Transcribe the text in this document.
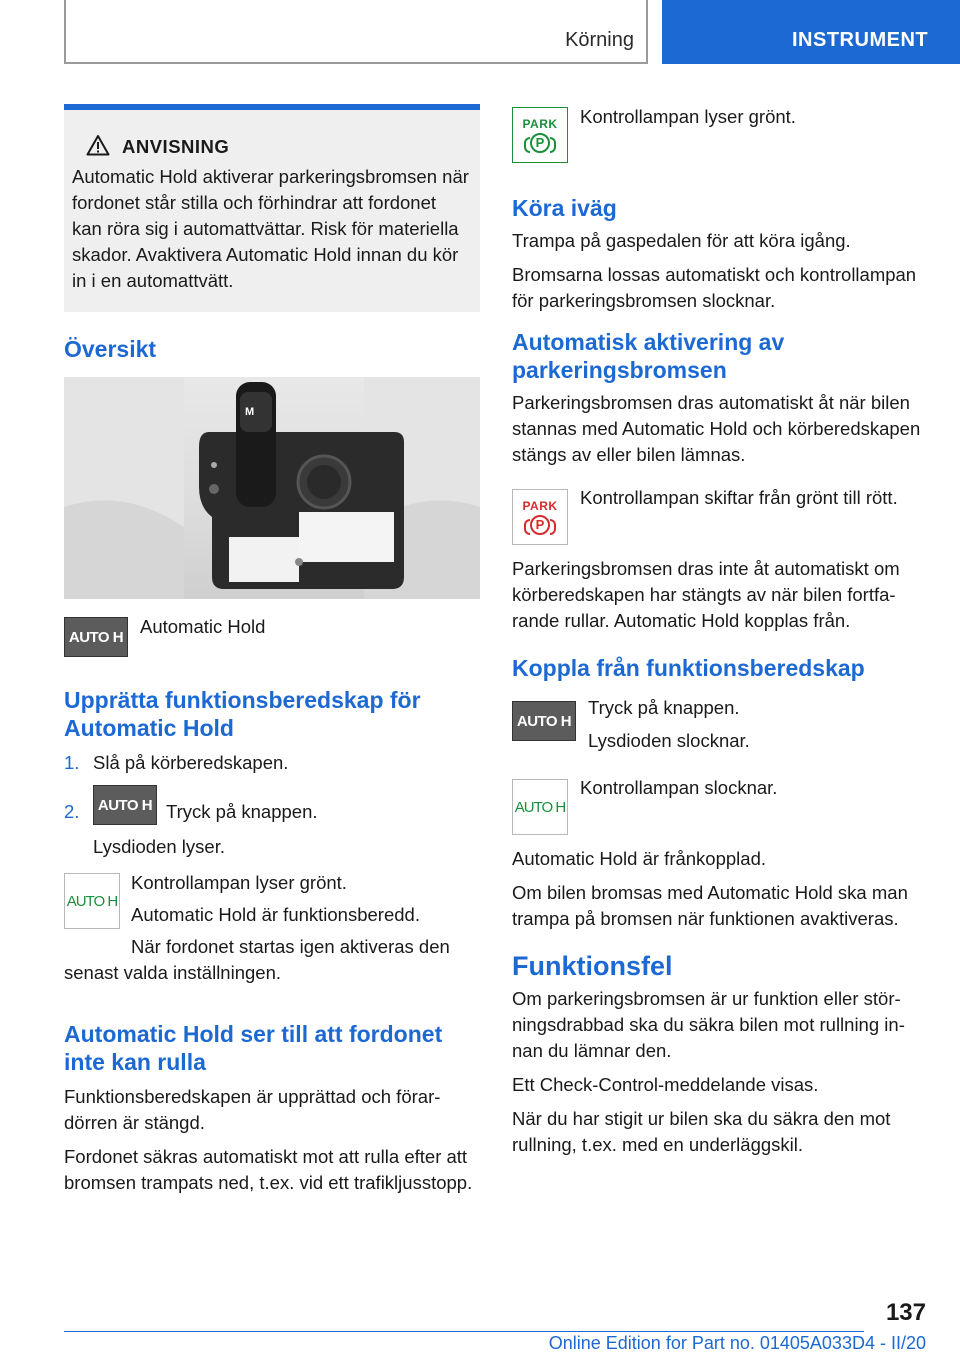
Körning	INSTRUMENT
ANVISNING
Automatic Hold aktiverar parkeringsbromsen när fordonet står stilla och förhindrar att fordonet kan röra sig i automattvättar. Risk för materiella skador. Avaktivera Automatic Hold innan du kör in i en automattvätt.
Översikt
M
AUTO H Automatic Hold
Upprätta funktionsberedskap för Automatic Hold
1. Slå på körberedskapen.
2.	AUTO H Tryck på knappen.
Lysdioden lyser.
AUTO H
Kontrollampan lyser grönt.
Automatic Hold är funktionsberedd.
När fordonet startas igen aktiveras den senast valda inställningen.
Automatic Hold ser till att fordonet inte kan rulla

Funktionsberedskapen är upprättad och förardörren är stängd.

Fordonet säkras automatiskt mot att rulla efter att bromsen trampats ned, t.ex. vid ett trafikljusstopp.

PARK
P
Kontrollampan lyser grönt.
Köra iväg

Trampa på gaspedalen för att köra igång.

Bromsarna lossas automatiskt och kontrollampan för parkeringsbromsen slocknar.

Automatisk aktivering av parkeringsbromsen

Parkeringsbromsen dras automatiskt åt när bilen stannas med Automatic Hold och körberedskapen stängs av eller bilen lämnas.

PARK
P
Kontrollampan skiftar från grönt till rött.

Parkeringsbromsen dras inte åt automatiskt om körberedskapen har stängts av när bilen fortfarande rullar. Automatic Hold kopplas från.

Koppla från funktionsberedskap
AUTO H
Tryck på knappen.
Lysdioden slocknar.
AUTO H
Kontrollampan slocknar.

Automatic Hold är frånkopplad.

Om bilen bromsas med Automatic Hold ska man trampa på bromsen när funktionen avaktiveras.

Funktionsfel

Om parkeringsbromsen är ur funktion eller störningsdrabbad ska du säkra bilen mot rullning innan du lämnar den.

Ett Check-Control-meddelande visas.

När du har stigit ur bilen ska du säkra den mot rullning, t.ex. med en underläggskil.

137
Online Edition for Part no. 01405A033D4 - II/20
